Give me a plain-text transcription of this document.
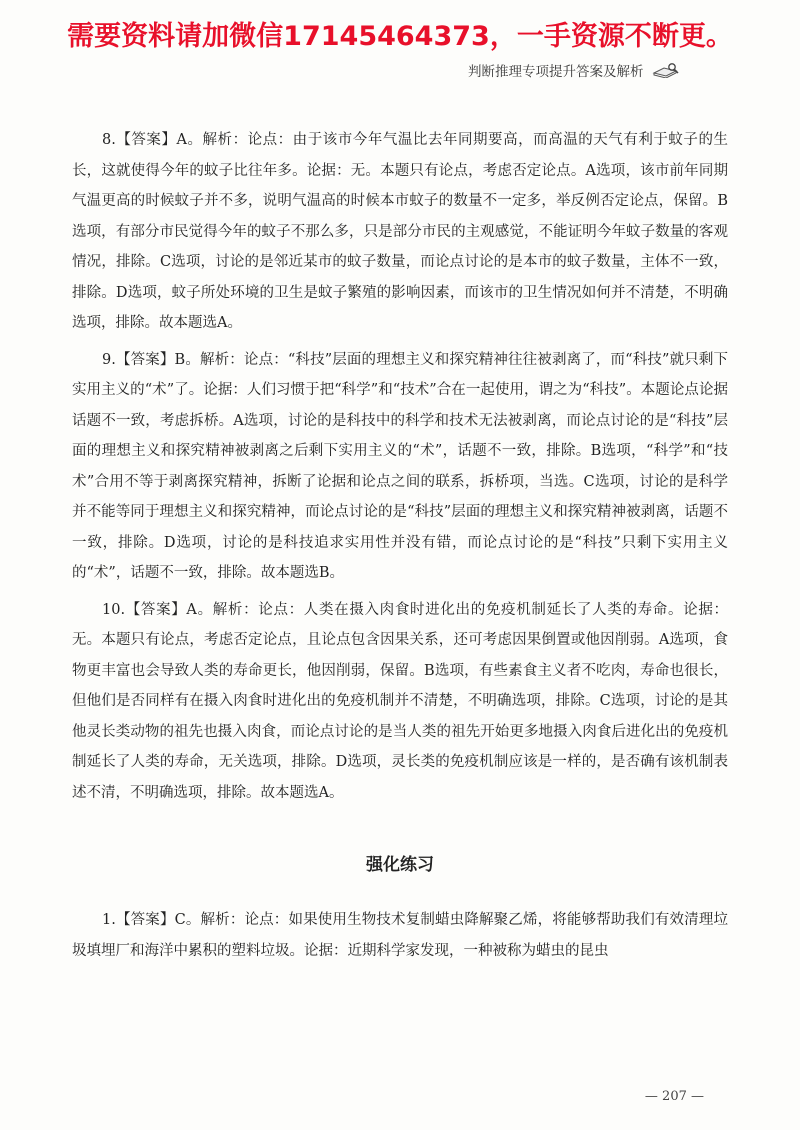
需要资料请加微信17145464373，一手资源不断更。
判断推理专项提升答案及解析

8.【答案】A。解析：论点：由于该市今年气温比去年同期要高，而高温的天气有利于蚊子的生长，这就使得今年的蚊子比往年多。论据：无。本题只有论点，考虑否定论点。A选项，该市前年同期气温更高的时候蚊子并不多，说明气温高的时候本市蚊子的数量不一定多，举反例否定论点，保留。B选项，有部分市民觉得今年的蚊子不那么多，只是部分市民的主观感觉，不能证明今年蚊子数量的客观情况，排除。C选项，讨论的是邻近某市的蚊子数量，而论点讨论的是本市的蚊子数量，主体不一致，排除。D选项，蚊子所处环境的卫生是蚊子繁殖的影响因素，而该市的卫生情况如何并不清楚，不明确选项，排除。故本题选A。

9.【答案】B。解析：论点：“科技”层面的理想主义和探究精神往往被剥离了，而“科技”就只剩下实用主义的“术”了。论据：人们习惯于把“科学”和“技术”合在一起使用，谓之为“科技”。本题论点论据话题不一致，考虑拆桥。A选项，讨论的是科技中的科学和技术无法被剥离，而论点讨论的是“科技”层面的理想主义和探究精神被剥离之后剩下实用主义的“术”，话题不一致，排除。B选项，“科学”和“技术”合用不等于剥离探究精神，拆断了论据和论点之间的联系，拆桥项，当选。C选项，讨论的是科学并不能等同于理想主义和探究精神，而论点讨论的是“科技”层面的理想主义和探究精神被剥离，话题不一致，排除。D选项，讨论的是科技追求实用性并没有错，而论点讨论的是“科技”只剩下实用主义的“术”，话题不一致，排除。故本题选B。

10.【答案】A。解析：论点：人类在摄入肉食时进化出的免疫机制延长了人类的寿命。论据：无。本题只有论点，考虑否定论点，且论点包含因果关系，还可考虑因果倒置或他因削弱。A选项，食物更丰富也会导致人类的寿命更长，他因削弱，保留。B选项，有些素食主义者不吃肉，寿命也很长，但他们是否同样有在摄入肉食时进化出的免疫机制并不清楚，不明确选项，排除。C选项，讨论的是其他灵长类动物的祖先也摄入肉食，而论点讨论的是当人类的祖先开始更多地摄入肉食后进化出的免疫机制延长了人类的寿命，无关选项，排除。D选项，灵长类的免疫机制应该是一样的，是否确有该机制表述不清，不明确选项，排除。故本题选A。

强化练习

1.【答案】C。解析：论点：如果使用生物技术复制蜡虫降解聚乙烯，将能够帮助我们有效清理垃圾填埋厂和海洋中累积的塑料垃圾。论据：近期科学家发现，一种被称为蜡虫的昆虫

— 207 —
